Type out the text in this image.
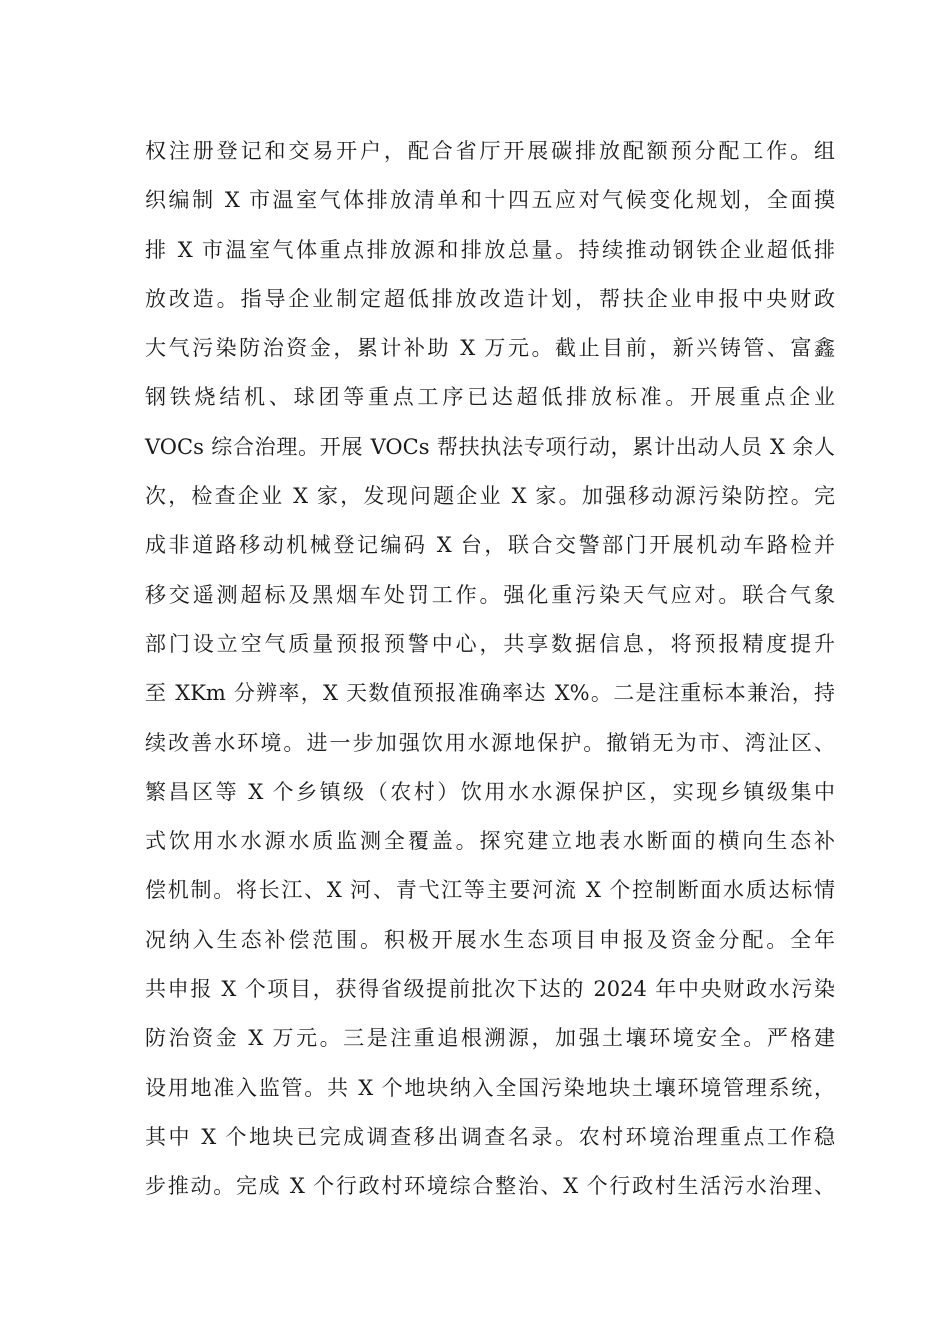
权注册登记和交易开户，配合省厅开展碳排放配额预分配工作。组
织编制 X 市温室气体排放清单和十四五应对气候变化规划，全面摸
排 X 市温室气体重点排放源和排放总量。持续推动钢铁企业超低排
放改造。指导企业制定超低排放改造计划，帮扶企业申报中央财政
大气污染防治资金，累计补助 X 万元。截止目前，新兴铸管、富鑫
钢铁烧结机、球团等重点工序已达超低排放标准。开展重点企业
VOCs 综合治理。开展 VOCs 帮扶执法专项行动，累计出动人员 X 余人
次，检查企业 X 家，发现问题企业 X 家。加强移动源污染防控。完
成非道路移动机械登记编码 X 台，联合交警部门开展机动车路检并
移交遥测超标及黑烟车处罚工作。强化重污染天气应对。联合气象
部门设立空气质量预报预警中心，共享数据信息，将预报精度提升
至 XKm 分辨率，X 天数值预报准确率达 X%。二是注重标本兼治，持
续改善水环境。进一步加强饮用水源地保护。撤销无为市、湾沚区、
繁昌区等 X 个乡镇级（农村）饮用水水源保护区，实现乡镇级集中
式饮用水水源水质监测全覆盖。探究建立地表水断面的横向生态补
偿机制。将长江、X 河、青弋江等主要河流 X 个控制断面水质达标情
况纳入生态补偿范围。积极开展水生态项目申报及资金分配。全年
共申报 X 个项目，获得省级提前批次下达的 2024 年中央财政水污染
防治资金 X 万元。三是注重追根溯源，加强土壤环境安全。严格建
设用地准入监管。共 X 个地块纳入全国污染地块土壤环境管理系统，
其中 X 个地块已完成调查移出调查名录。农村环境治理重点工作稳
步推动。完成 X 个行政村环境综合整治、X 个行政村生活污水治理、
